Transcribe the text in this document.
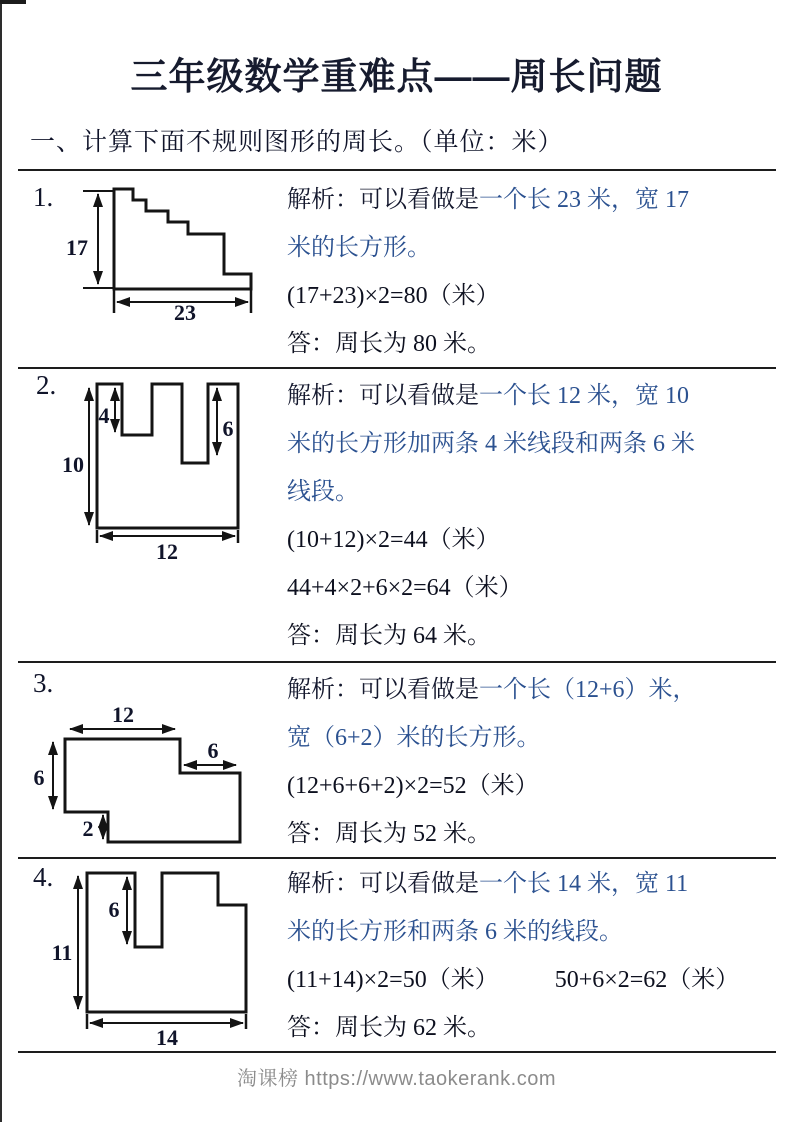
三年级数学重难点——周长问题
一、计算下面不规则图形的周长。（单位：米）
1.
17
23
解析：可以看做是一个长 23 米，宽 17
米的长方形。
(17+23)×2=80（米）
答：周长为 80 米。
2.
4
6
10
12
解析：可以看做是一个长 12 米，宽 10
米的长方形加两条 4 米线段和两条 6 米
线段。
(10+12)×2=44（米）
44+4×2+6×2=64（米）
答：周长为 64 米。
3.
12
6
6
2
解析：可以看做是一个长（12+6）米，
宽（6+2）米的长方形。
(12+6+6+2)×2=52（米）
答：周长为 52 米。
4.
6
11
14
解析：可以看做是一个长 14 米，宽 11
米的长方形和两条 6 米的线段。
(11+14)×2=50（米） 50+6×2=62（米）
答：周长为 62 米。
淘课榜 https://www.taokerank.com
